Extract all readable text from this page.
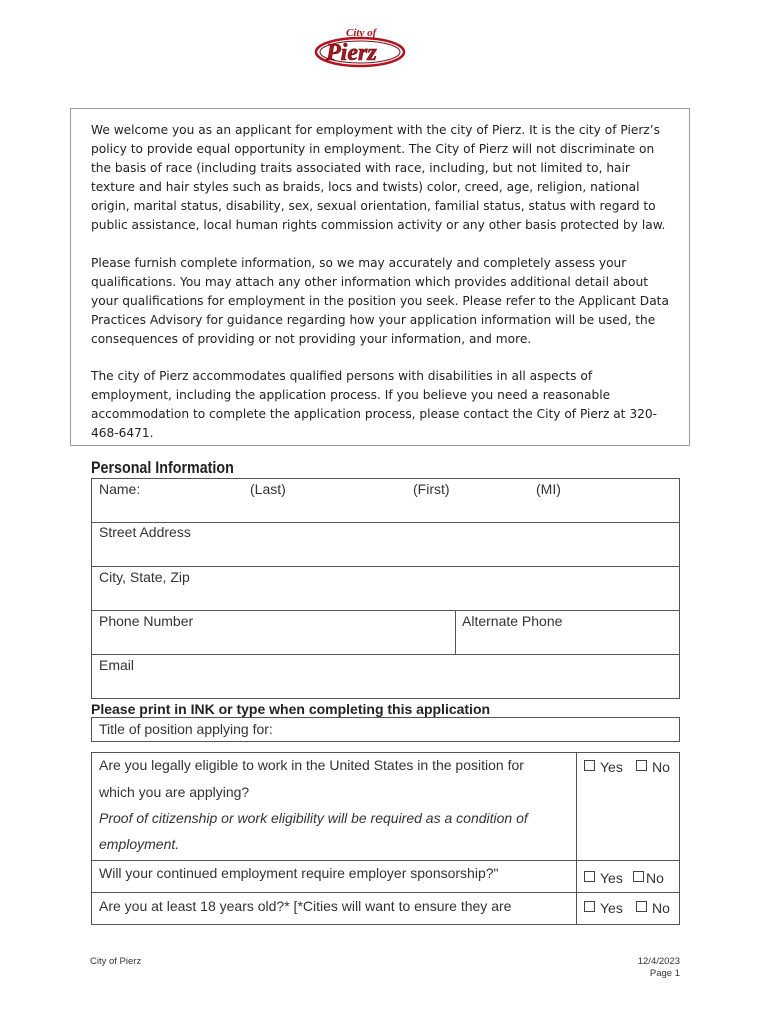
City of
Pierz

We welcome you as an applicant for employment with the city of Pierz. It is the city of Pierz’s policy to provide equal opportunity in employment. The City of Pierz will not discriminate on the basis of race (including traits associated with race, including, but not limited to, hair texture and hair styles such as braids, locs and twists) color, creed, age, religion, national origin, marital status, disability, sex, sexual orientation, familial status, status with regard to public assistance, local human rights commission activity or any other basis protected by law.

Please furnish complete information, so we may accurately and completely assess your qualifications. You may attach any other information which provides additional detail about your qualifications for employment in the position you seek. Please refer to the Applicant Data Practices Advisory for guidance regarding how your application information will be used, the consequences of providing or not providing your information, and more.

The city of Pierz accommodates qualified persons with disabilities in all aspects of employment, including the application process. If you believe you need a reasonable accommodation to complete the application process, please contact the City of Pierz at 320-468-6471.

Personal Information
Name:	(Last)	(First)	(MI)
Street Address
City, State, Zip
Phone Number	Alternate Phone
Email
Please print in INK or type when completing this application
Title of position applying for:
Are you legally eligible to work in the United States in the position for
which you are applying?
Proof of citizenship or work eligibility will be required as a condition of
employment.
Yes	No
Will your continued employment require employer sponsorship?"	Yes	No
Are you at least 18 years old?* [*Cities will want to ensure they are	Yes	No
City of Pierz	12/4/2023
Page 1
